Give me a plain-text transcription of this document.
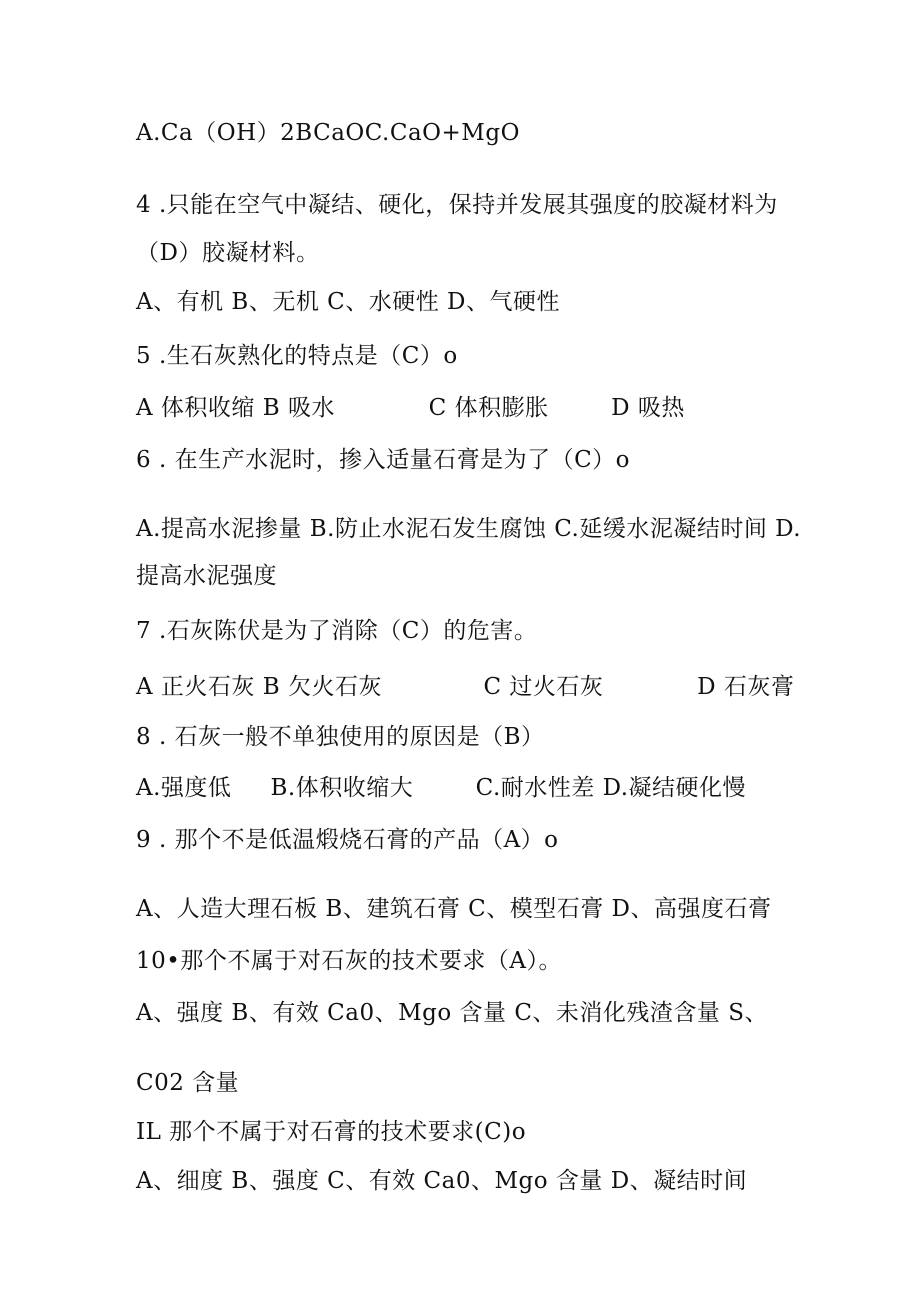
A.Ca（OH）2BCaOC.CaO+MgO
4 .只能在空气中凝结、硬化，保持并发展其强度的胶凝材料为
（D）胶凝材料。
A、有机 B、无机 C、水硬性 D、气硬性
5 .生石灰熟化的特点是（C）o
A 体积收缩 B 吸水            C 体积膨胀        D 吸热
6 . 在生产水泥时，掺入适量石膏是为了（C）o
A.提高水泥掺量 B.防止水泥石发生腐蚀 C.延缓水泥凝结时间 D.
提高水泥强度
7 .石灰陈伏是为了消除（C）的危害。
A 正火石灰 B 欠火石灰             C 过火石灰            D 石灰膏
8 . 石灰一般不单独使用的原因是（B）
A.强度低     B.体积收缩大        C.耐水性差 D.凝结硬化慢
9 . 那个不是低温煅烧石膏的产品（A）o
A、人造大理石板 B、建筑石膏 C、模型石膏 D、高强度石膏
10•那个不属于对石灰的技术要求（A）。
A、强度 B、有效 Ca0、Mgo 含量 C、未消化残渣含量 S、
C02 含量
IL 那个不属于对石膏的技术要求(C)o
A、细度 B、强度 C、有效 Ca0、Mgo 含量 D、凝结时间
